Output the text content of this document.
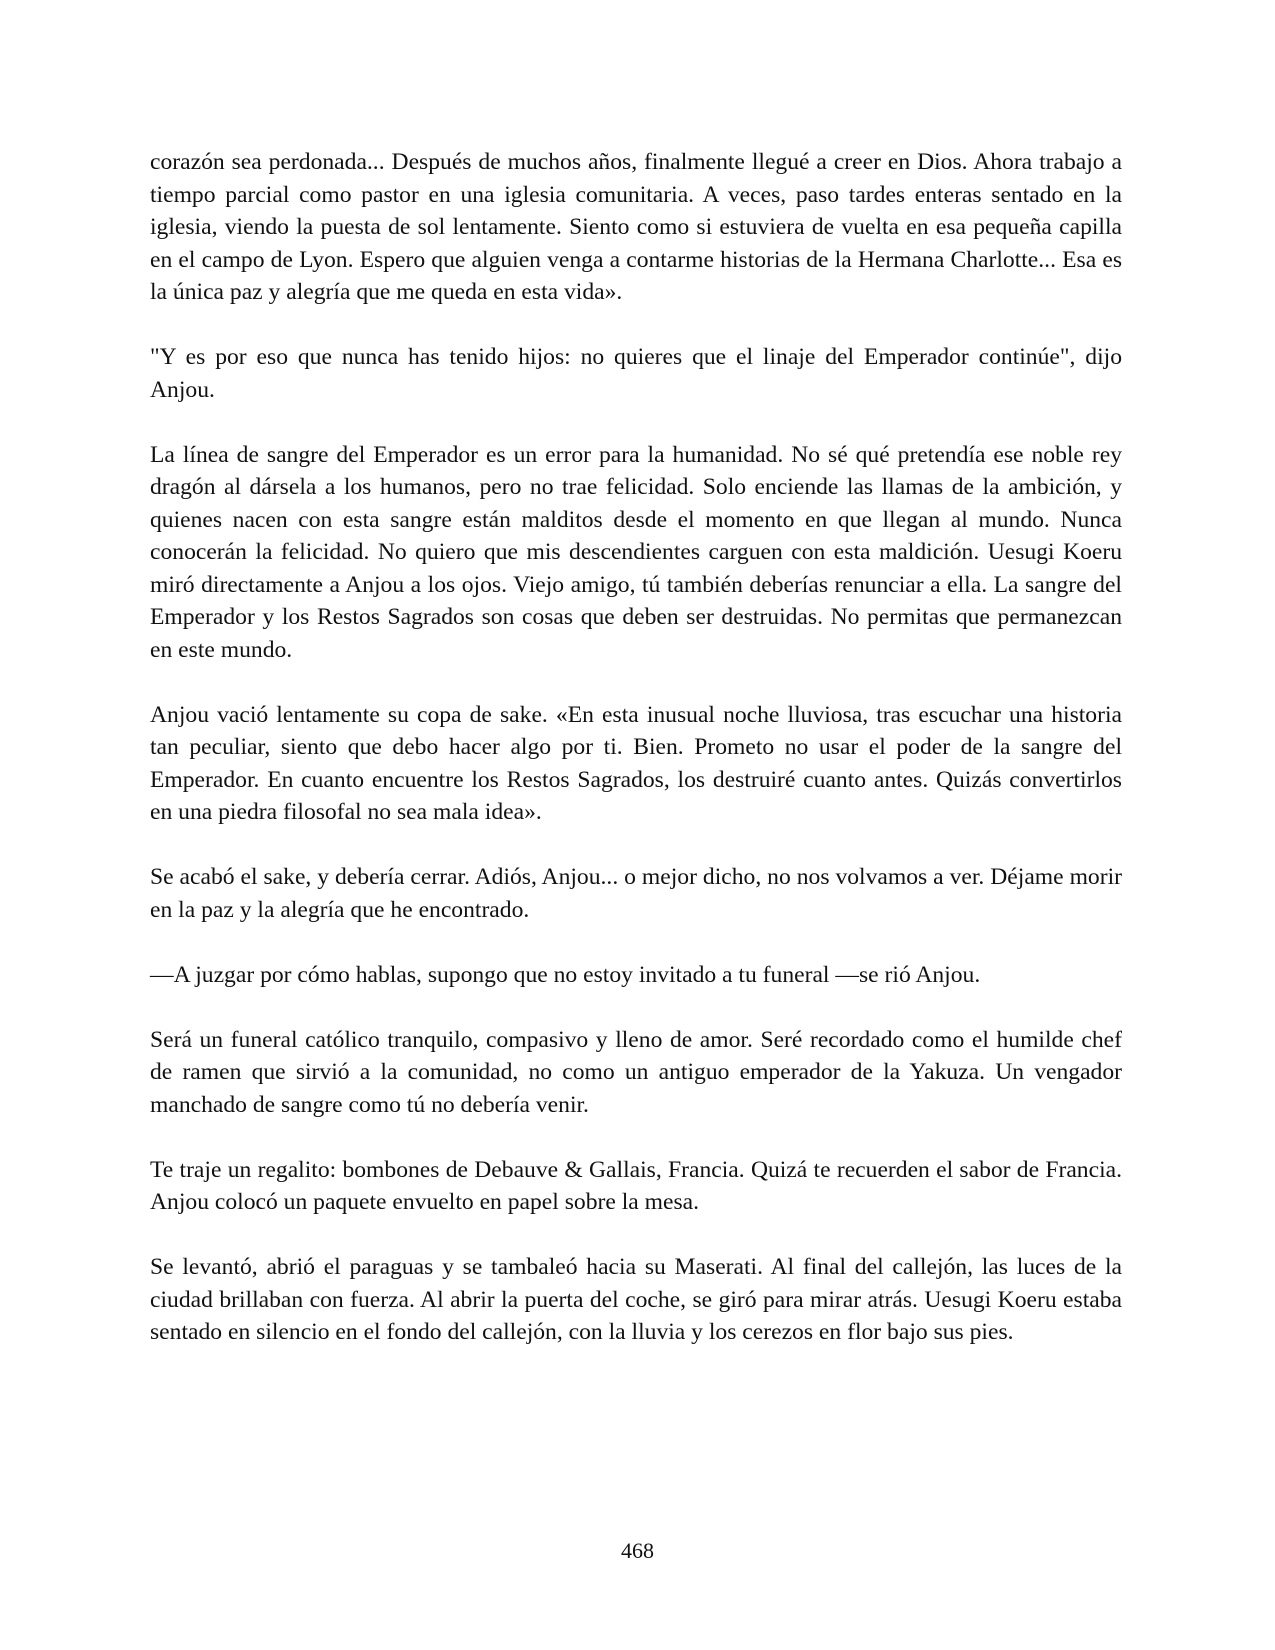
corazón sea perdonada... Después de muchos años, finalmente llegué a creer en Dios. Ahora trabajo a tiempo parcial como pastor en una iglesia comunitaria. A veces, paso tardes enteras sentado en la iglesia, viendo la puesta de sol lentamente. Siento como si estuviera de vuelta en esa pequeña capilla en el campo de Lyon. Espero que alguien venga a contarme historias de la Hermana Charlotte... Esa es la única paz y alegría que me queda en esta vida».

"Y es por eso que nunca has tenido hijos: no quieres que el linaje del Emperador continúe", dijo Anjou.

La línea de sangre del Emperador es un error para la humanidad. No sé qué pretendía ese noble rey dragón al dársela a los humanos, pero no trae felicidad. Solo enciende las llamas de la ambición, y quienes nacen con esta sangre están malditos desde el momento en que llegan al mundo. Nunca conocerán la felicidad. No quiero que mis descendientes carguen con esta maldición. Uesugi Koeru miró directamente a Anjou a los ojos. Viejo amigo, tú también deberías renunciar a ella. La sangre del Emperador y los Restos Sagrados son cosas que deben ser destruidas. No permitas que permanezcan en este mundo.

Anjou vació lentamente su copa de sake. «En esta inusual noche lluviosa, tras escuchar una historia tan peculiar, siento que debo hacer algo por ti. Bien. Prometo no usar el poder de la sangre del Emperador. En cuanto encuentre los Restos Sagrados, los destruiré cuanto antes. Quizás convertirlos en una piedra filosofal no sea mala idea».

Se acabó el sake, y debería cerrar. Adiós, Anjou... o mejor dicho, no nos volvamos a ver. Déjame morir en la paz y la alegría que he encontrado.

—A juzgar por cómo hablas, supongo que no estoy invitado a tu funeral —se rió Anjou.

Será un funeral católico tranquilo, compasivo y lleno de amor. Seré recordado como el humilde chef de ramen que sirvió a la comunidad, no como un antiguo emperador de la Yakuza. Un vengador manchado de sangre como tú no debería venir.

Te traje un regalito: bombones de Debauve & Gallais, Francia. Quizá te recuerden el sabor de Francia. Anjou colocó un paquete envuelto en papel sobre la mesa.

Se levantó, abrió el paraguas y se tambaleó hacia su Maserati. Al final del callejón, las luces de la ciudad brillaban con fuerza. Al abrir la puerta del coche, se giró para mirar atrás. Uesugi Koeru estaba sentado en silencio en el fondo del callejón, con la lluvia y los cerezos en flor bajo sus pies.

468
